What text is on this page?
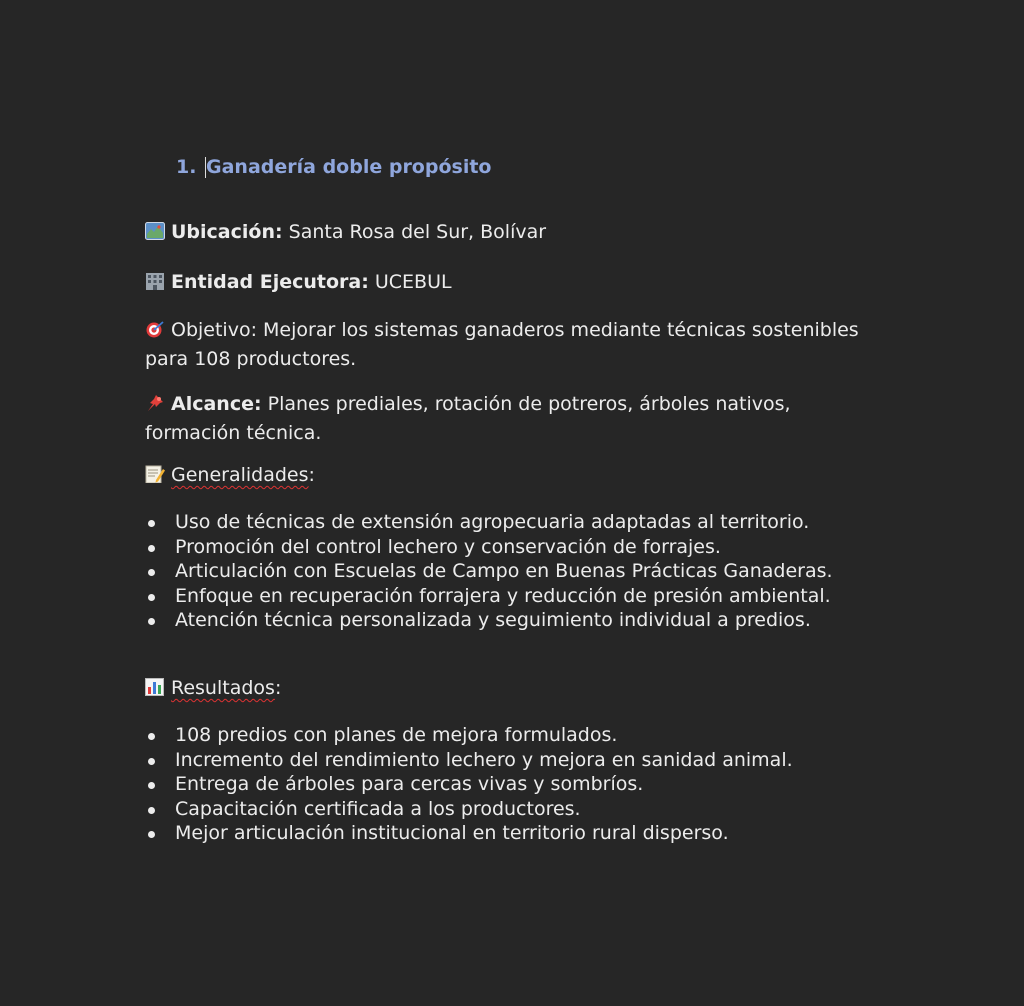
1. Ganadería doble propósito

Ubicación: Santa Rosa del Sur, Bolívar

Entidad Ejecutora: UCEBUL

Objetivo: Mejorar los sistemas ganaderos mediante técnicas sostenibles para 108 productores.

Alcance: Planes prediales, rotación de potreros, árboles nativos, formación técnica.

Generalidades:

Uso de técnicas de extensión agropecuaria adaptadas al territorio.
Promoción del control lechero y conservación de forrajes.
Articulación con Escuelas de Campo en Buenas Prácticas Ganaderas.
Enfoque en recuperación forrajera y reducción de presión ambiental.
Atención técnica personalizada y seguimiento individual a predios.

Resultados:

108 predios con planes de mejora formulados.
Incremento del rendimiento lechero y mejora en sanidad animal.
Entrega de árboles para cercas vivas y sombríos.
Capacitación certificada a los productores.
Mejor articulación institucional en territorio rural disperso.
